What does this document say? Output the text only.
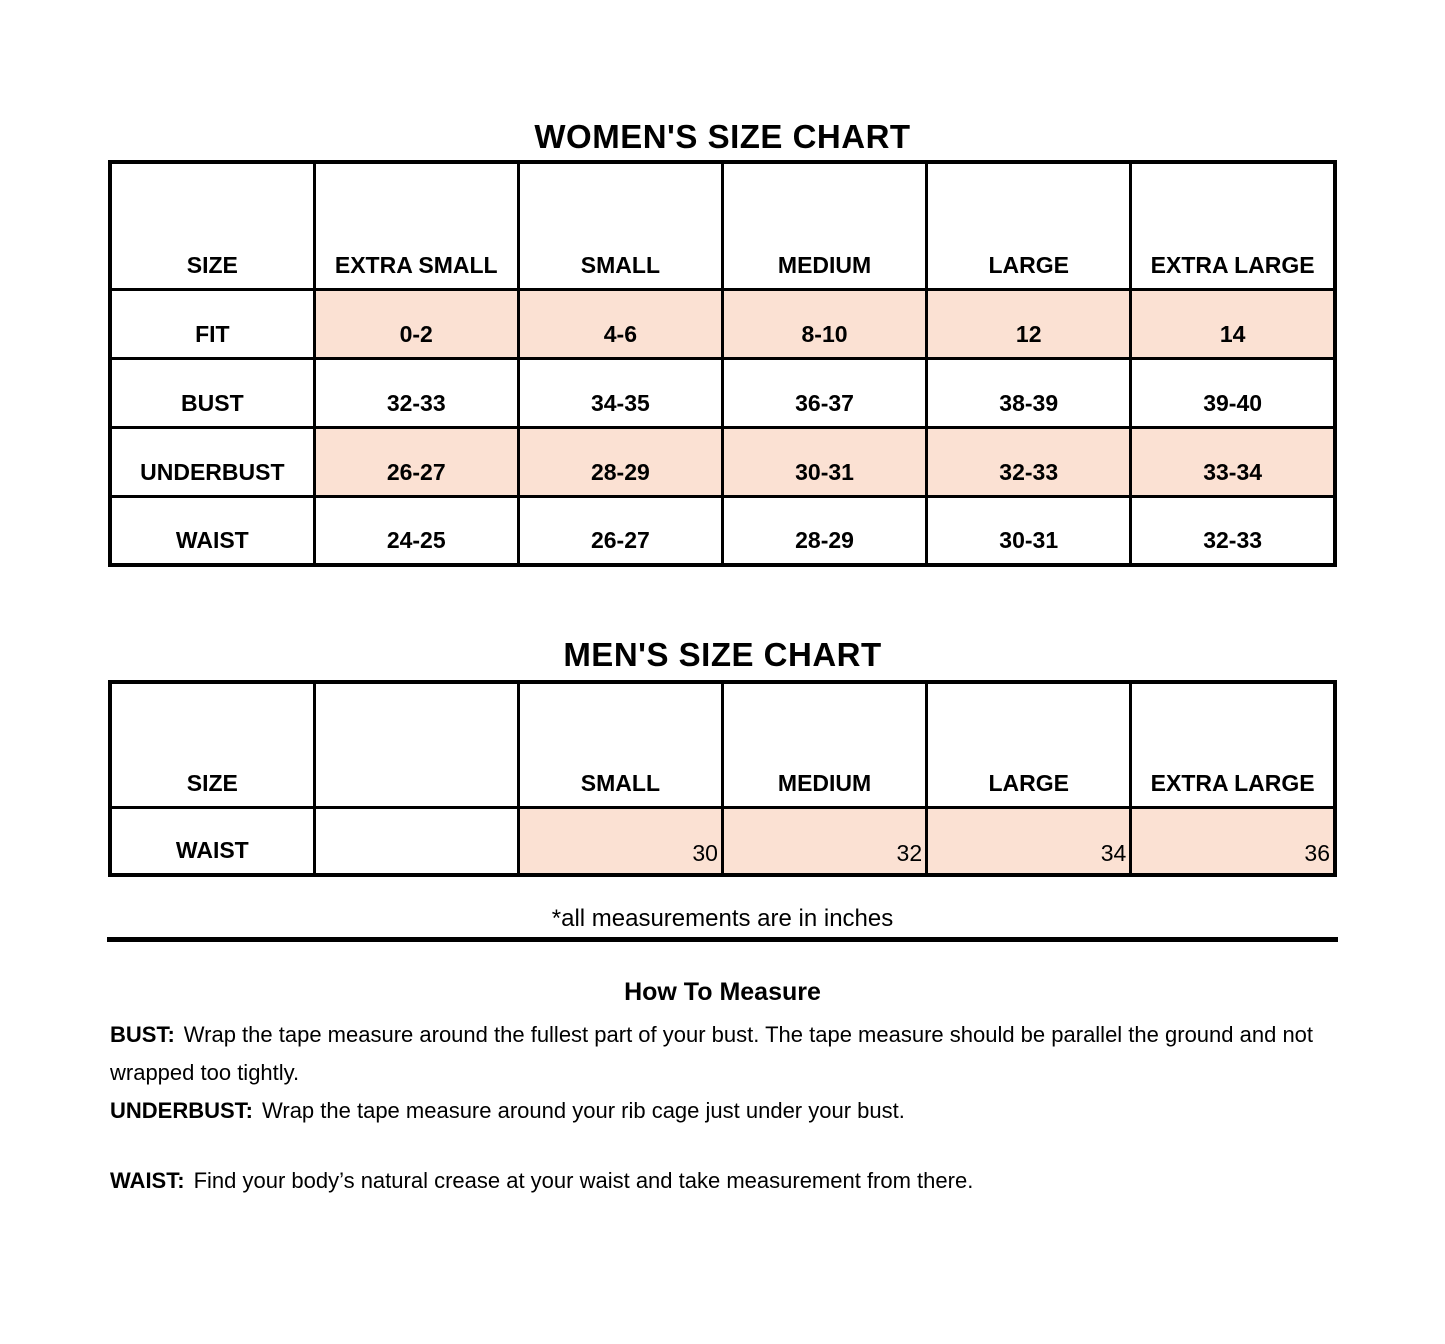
WOMEN'S SIZE CHART
SIZE	EXTRA SMALL	SMALL	MEDIUM	LARGE	EXTRA LARGE
FIT	0-2	4-6	8-10	12	14
BUST	32-33	34-35	36-37	38-39	39-40
UNDERBUST	26-27	28-29	30-31	32-33	33-34
WAIST	24-25	26-27	28-29	30-31	32-33
MEN'S SIZE CHART
SIZE		SMALL	MEDIUM	LARGE	EXTRA LARGE
WAIST		30	32	34	36
*all measurements are in inches
How To Measure
BUST: Wrap the tape measure around the fullest part of your bust. The tape measure should be parallel the ground and not wrapped too tightly.
UNDERBUST: Wrap the tape measure around your rib cage just under your bust.
WAIST: Find your body’s natural crease at your waist and take measurement from there.
